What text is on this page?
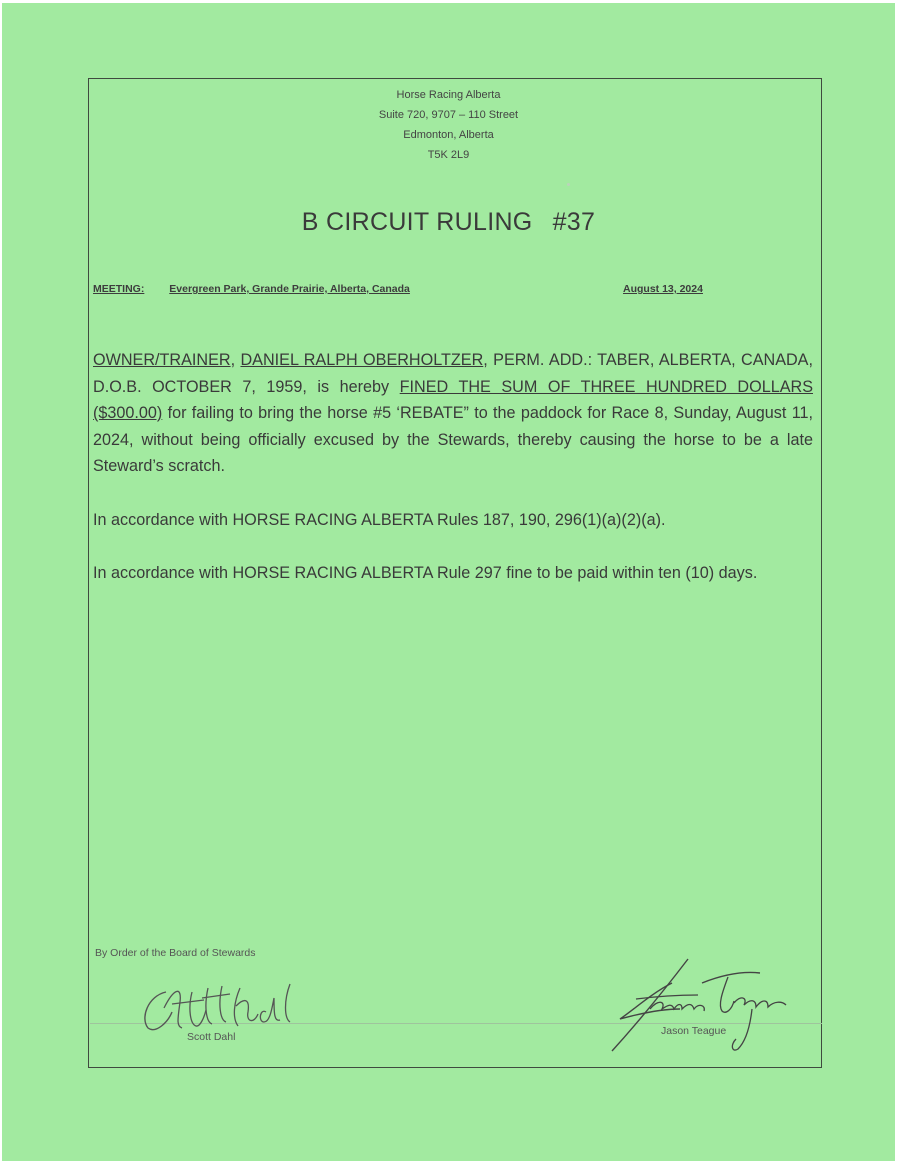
Horse Racing Alberta
Suite 720, 9707 – 110 Street
Edmonton, Alberta
T5K 2L9
B CIRCUIT RULING #37
MEETING: Evergreen Park, Grande Prairie, Alberta, Canada	August 13, 2024
OWNER/TRAINER, DANIEL RALPH OBERHOLTZER, PERM. ADD.: TABER, ALBERTA, CANADA, D.O.B. OCTOBER 7, 1959, is hereby FINED THE SUM OF THREE HUNDRED DOLLARS ($300.00) for failing to bring the horse #5 ‘REBATE” to the paddock for Race 8, Sunday, August 11, 2024, without being officially excused by the Stewards, thereby causing the horse to be a late Steward’s scratch.
In accordance with HORSE RACING ALBERTA Rules 187, 190, 296(1)(a)(2)(a).
In accordance with HORSE RACING ALBERTA Rule 297 fine to be paid within ten (10) days.
By Order of the Board of Stewards
Scott Dahl	Jason Teague
